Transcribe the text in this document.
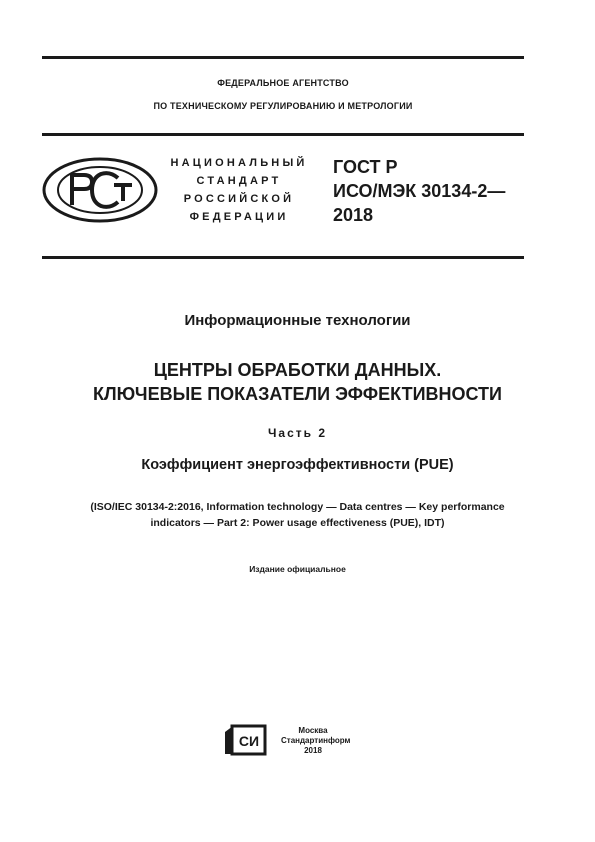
ФЕДЕРАЛЬНОЕ АГЕНТСТВО
ПО ТЕХНИЧЕСКОМУ РЕГУЛИРОВАНИЮ И МЕТРОЛОГИИ
НАЦИОНАЛЬНЫЙ
СТАНДАРТ
РОССИЙСКОЙ
ФЕДЕРАЦИИ
ГОСТ Р
ИСО/МЭК 30134-2—
2018
Информационные технологии
ЦЕНТРЫ ОБРАБОТКИ ДАННЫХ.
КЛЮЧЕВЫЕ ПОКАЗАТЕЛИ ЭФФЕКТИВНОСТИ
Часть 2
Коэффициент энергоэффективности (PUE)
(ISO/IEC 30134-2:2016, Information technology — Data centres — Key performance
indicators — Part 2: Power usage effectiveness (PUE), IDT)
Издание официальное
СИ
Москва
Стандартинформ
2018
